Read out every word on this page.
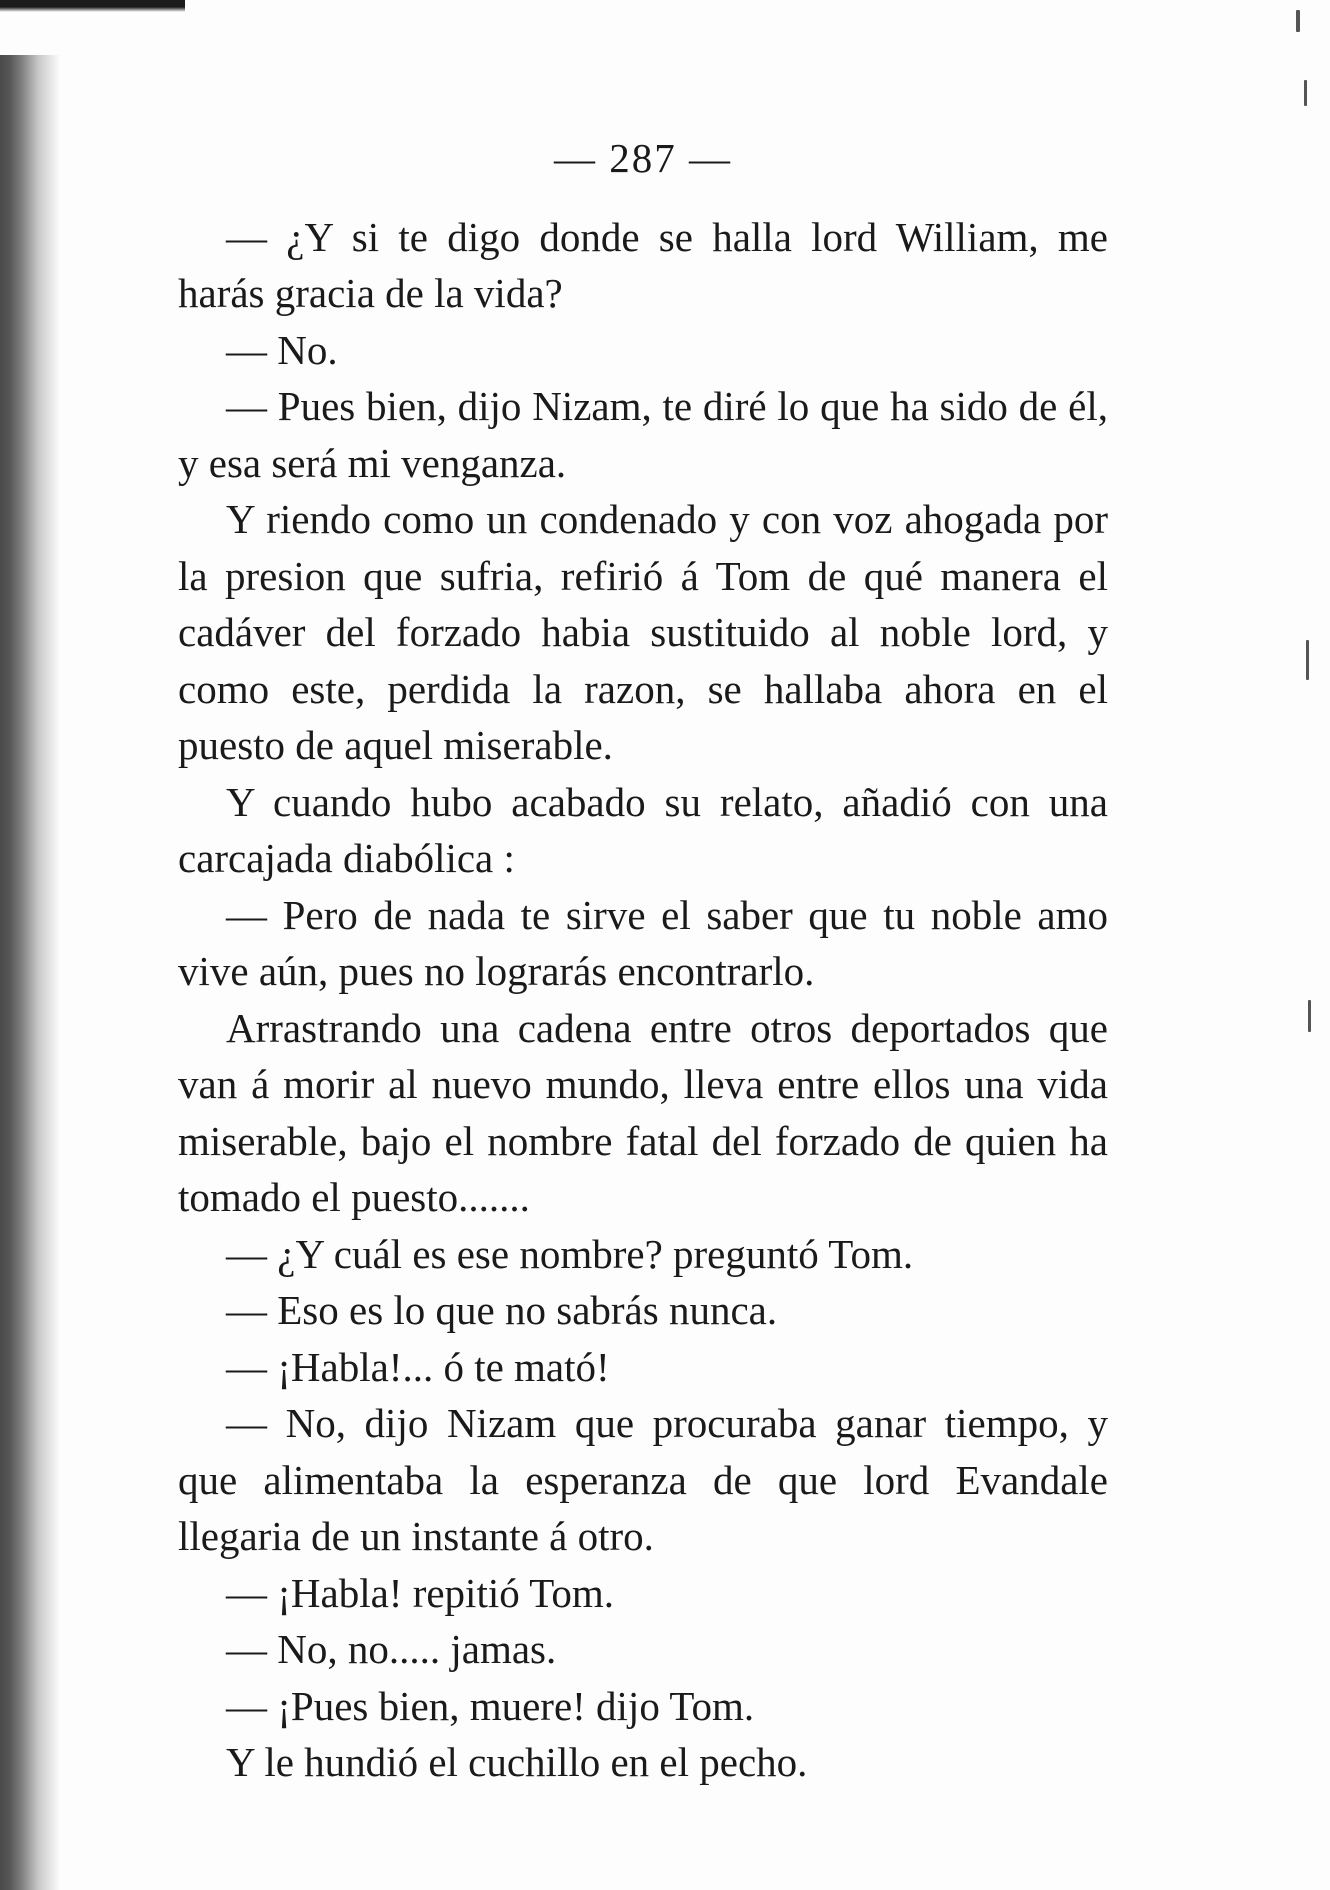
— 287 —

— ¿Y si te digo donde se halla lord William, me harás gracia de la vida?

— No.

— Pues bien, dijo Nizam, te diré lo que ha sido de él, y esa será mi venganza.

Y riendo como un condenado y con voz ahogada por la presion que sufria, refirió á Tom de qué manera el cadáver del forzado habia sustituido al noble lord, y como este, perdida la razon, se hallaba ahora en el puesto de aquel miserable.

Y cuando hubo acabado su relato, añadió con una carcajada diabólica :

— Pero de nada te sirve el saber que tu noble amo vive aún, pues no lograrás encontrarlo.

Arrastrando una cadena entre otros deportados que van á morir al nuevo mundo, lleva entre ellos una vida miserable, bajo el nombre fatal del forzado de quien ha tomado el puesto.......

— ¿Y cuál es ese nombre? preguntó Tom.

— Eso es lo que no sabrás nunca.

— ¡Habla!... ó te mató!

— No, dijo Nizam que procuraba ganar tiempo, y que alimentaba la esperanza de que lord Evandale llegaria de un instante á otro.

— ¡Habla! repitió Tom.

— No, no..... jamas.

— ¡Pues bien, muere! dijo Tom.

Y le hundió el cuchillo en el pecho.
